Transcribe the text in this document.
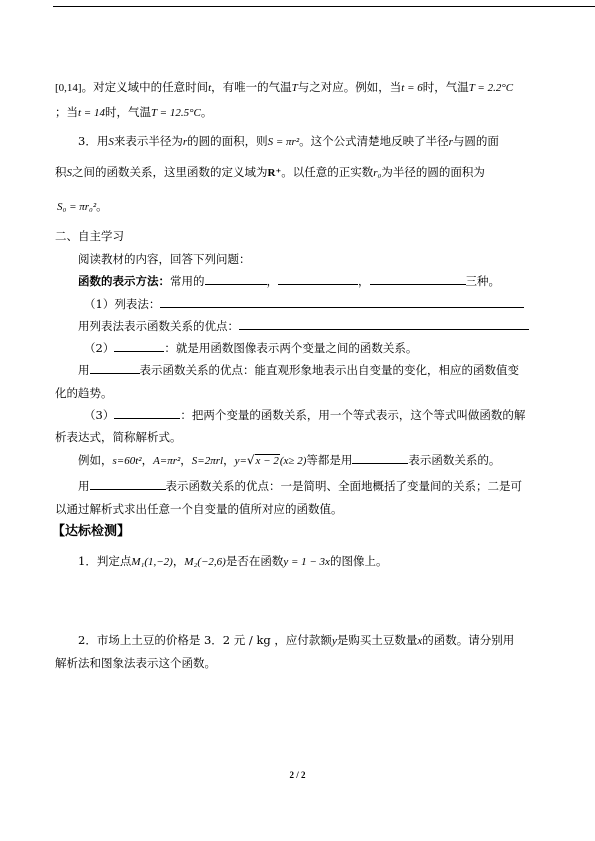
[0,14]。对定义域中的任意时间t，有唯一的气温T与之对应。例如，当t = 6时，气温T = 2.2°C
；当t = 14时，气温T = 12.5°C。
3．用S来表示半径为r的圆的面积，则S = πr²。这个公式清楚地反映了半径r与圆的面
积S之间的函数关系，这里函数的定义域为R⁺。以任意的正实数r₀为半径的圆的面积为
S₀ = πr₀²。
二、自主学习
阅读教材的内容，回答下列问题：
函数的表示方法：常用的	，	，	三种。
（1）列表法：
用列表法表示函数关系的优点：
（2）	：就是用函数图像表示两个变量之间的函数关系。
用	表示函数关系的优点：能直观形象地表示出自变量的变化，相应的函数值变
化的趋势。
（3）	：把两个变量的函数关系，用一个等式表示，这个等式叫做函数的解
析表达式，简称解析式。
例如，s=60t²，A=πr²，S=2πrl，y=√x − 2(x≥ 2)等都是用	表示函数关系的。
用	表示函数关系的优点：一是简明、全面地概括了变量间的关系；二是可
以通过解析式求出任意一个自变量的值所对应的函数值。
【达标检测】
1．判定点M₁(1,−2)，M₂(−2,6)是否在函数y = 1 − 3x的图像上。
2．市场上土豆的价格是 3．2 元 / kg ，应付款额y是购买土豆数量x的函数。请分别用
解析法和图象法表示这个函数。
2 / 2
